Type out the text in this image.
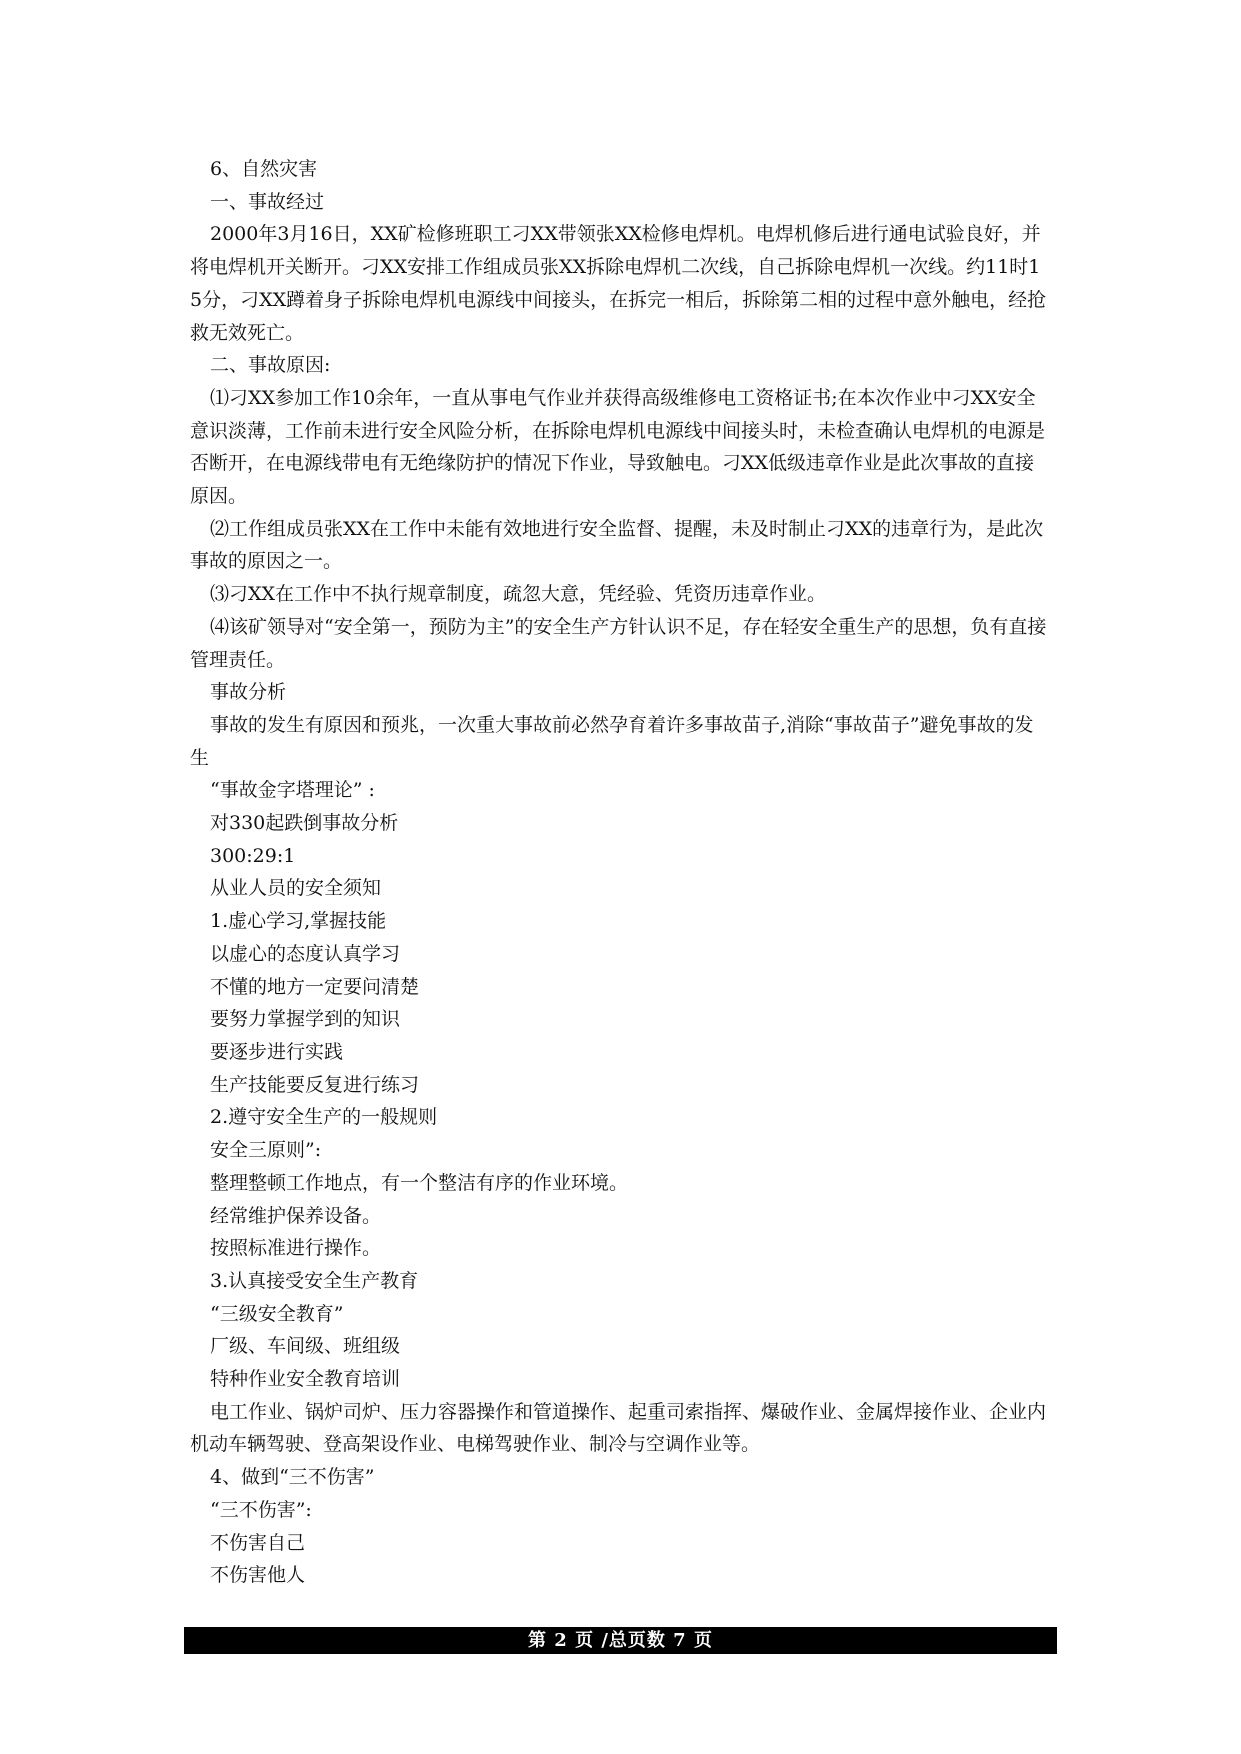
6、自然灾害

一、事故经过

2000年3月16日，XX矿检修班职工刁XX带领张XX检修电焊机。电焊机修后进行通电试验良好，并将电焊机开关断开。刁XX安排工作组成员张XX拆除电焊机二次线，自己拆除电焊机一次线。约11时15分，刁XX蹲着身子拆除电焊机电源线中间接头，在拆完一相后，拆除第二相的过程中意外触电，经抢救无效死亡。

二、事故原因:

⑴刁XX参加工作10余年，一直从事电气作业并获得高级维修电工资格证书;在本次作业中刁XX安全意识淡薄，工作前未进行安全风险分析，在拆除电焊机电源线中间接头时，未检查确认电焊机的电源是否断开，在电源线带电有无绝缘防护的情况下作业，导致触电。刁XX低级违章作业是此次事故的直接原因。

⑵工作组成员张XX在工作中未能有效地进行安全监督、提醒，未及时制止刁XX的违章行为，是此次事故的原因之一。

⑶刁XX在工作中不执行规章制度，疏忽大意，凭经验、凭资历违章作业。

⑷该矿领导对“安全第一，预防为主”的安全生产方针认识不足，存在轻安全重生产的思想，负有直接管理责任。

事故分析

事故的发生有原因和预兆，一次重大事故前必然孕育着许多事故苗子,消除“事故苗子”避免事故的发生

“事故金字塔理论” :

对330起跌倒事故分析

300:29:1

从业人员的安全须知

1.虚心学习,掌握技能

以虚心的态度认真学习

不懂的地方一定要问清楚

要努力掌握学到的知识

要逐步进行实践

生产技能要反复进行练习

2.遵守安全生产的一般规则

安全三原则”:

整理整顿工作地点，有一个整洁有序的作业环境。

经常维护保养设备。

按照标准进行操作。

3.认真接受安全生产教育

“三级安全教育”

厂级、车间级、班组级

特种作业安全教育培训

电工作业、锅炉司炉、压力容器操作和管道操作、起重司索指挥、爆破作业、金属焊接作业、企业内机动车辆驾驶、登高架设作业、电梯驾驶作业、制冷与空调作业等。

4、做到“三不伤害”

“三不伤害”:

不伤害自己

不伤害他人

第 2 页 /总页数 7 页
